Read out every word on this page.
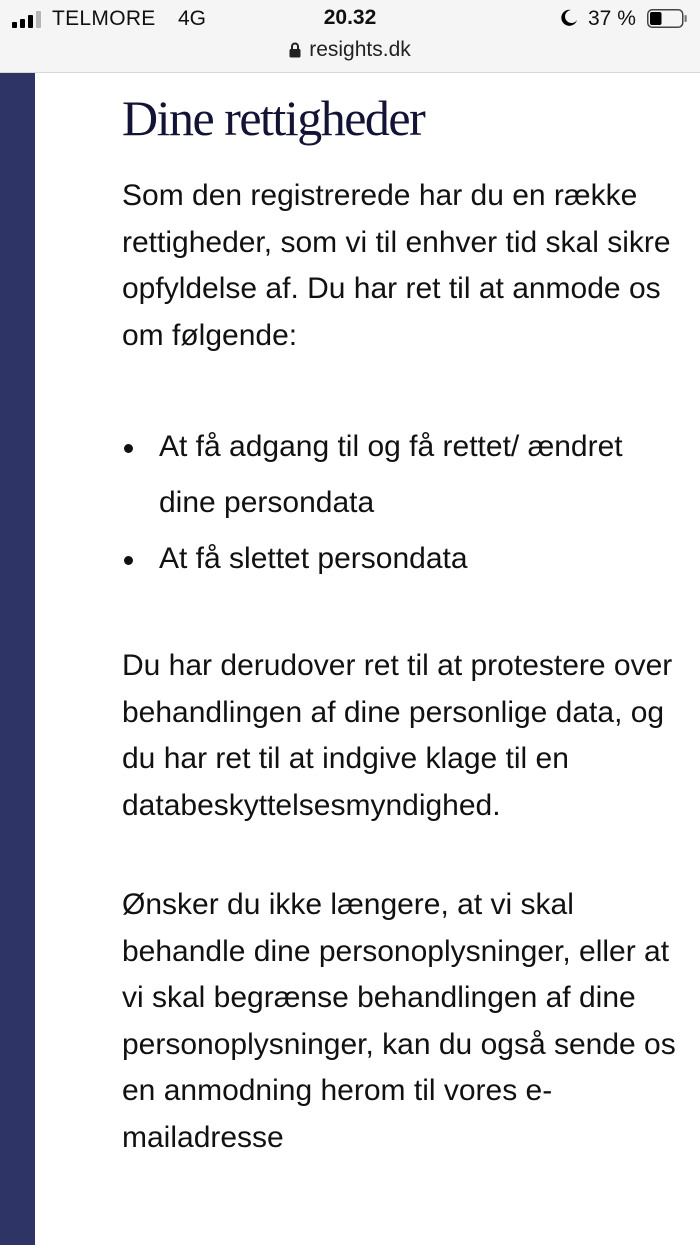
TELMORE 4G	20.32	37 %
resights.dk
Dine rettigheder

Som den registrerede har du en række rettigheder, som vi til enhver tid skal sikre opfyldelse af. Du har ret til at anmode os om følgende:

At få adgang til og få rettet/ ændret dine persondata
At få slettet persondata

Du har derudover ret til at protestere over behandlingen af dine personlige data, og du har ret til at indgive klage til en databeskyttelsesmyndighed.

Ønsker du ikke længere, at vi skal behandle dine personoplysninger, eller at vi skal begrænse behandlingen af dine personoplysninger, kan du også sende os en anmodning herom til vores e-mailadresse
